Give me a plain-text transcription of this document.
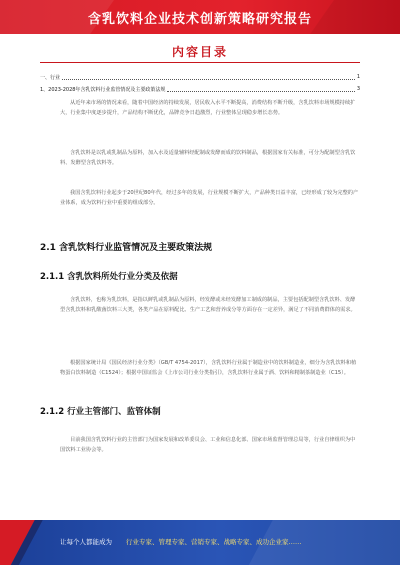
含乳饮料企业技术创新策略研究报告
内容目录
一、行业	1
1、2023-2028年含乳饮料行业监管情况及主要政策法规	3

从近年来市场的情况来看，随着中国经济的持续发展，居民收入水平不断提高，消费结构不断升级，含乳饮料市场规模持续扩大，行业集中度逐步提升，产品结构不断优化，品牌竞争日趋激烈，行业整体呈现稳步增长态势。

含乳饮料是以乳或乳制品为原料，加入水及适量辅料经配制或发酵而成的饮料制品，根据国家有关标准，可分为配制型含乳饮料、发酵型含乳饮料等。

我国含乳饮料行业起步于20世纪80年代，经过多年的发展，行业规模不断扩大，产品种类日益丰富，已经形成了较为完整的产业体系，成为饮料行业中重要的组成部分。

2.1 含乳饮料行业监管情况及主要政策法规
2.1.1 含乳饮料所处行业分类及依据

含乳饮料，也称为乳饮料，是指以鲜乳或乳制品为原料，经发酵或未经发酵加工制成的制品，主要包括配制型含乳饮料、发酵型含乳饮料和乳酸菌饮料三大类，各类产品在原料配比、生产工艺和营养成分等方面存在一定差异，满足了不同消费群体的需求。

根据国家统计局《国民经济行业分类》（GB/T 4754-2017），含乳饮料行业属于制造业中的饮料制造业，细分为含乳饮料和植物蛋白饮料制造（C1524）；根据中国证监会《上市公司行业分类指引》，含乳饮料行业属于酒、饮料和精制茶制造业（C15）。

2.1.2 行业主管部门、监管体制

目前我国含乳饮料行业的主管部门为国家发展和改革委员会、工业和信息化部、国家市场监督管理总局等，行业自律组织为中国饮料工业协会等。

让每个人都能成为 行业专家、管理专家、营销专家、战略专家、成功企业家……
